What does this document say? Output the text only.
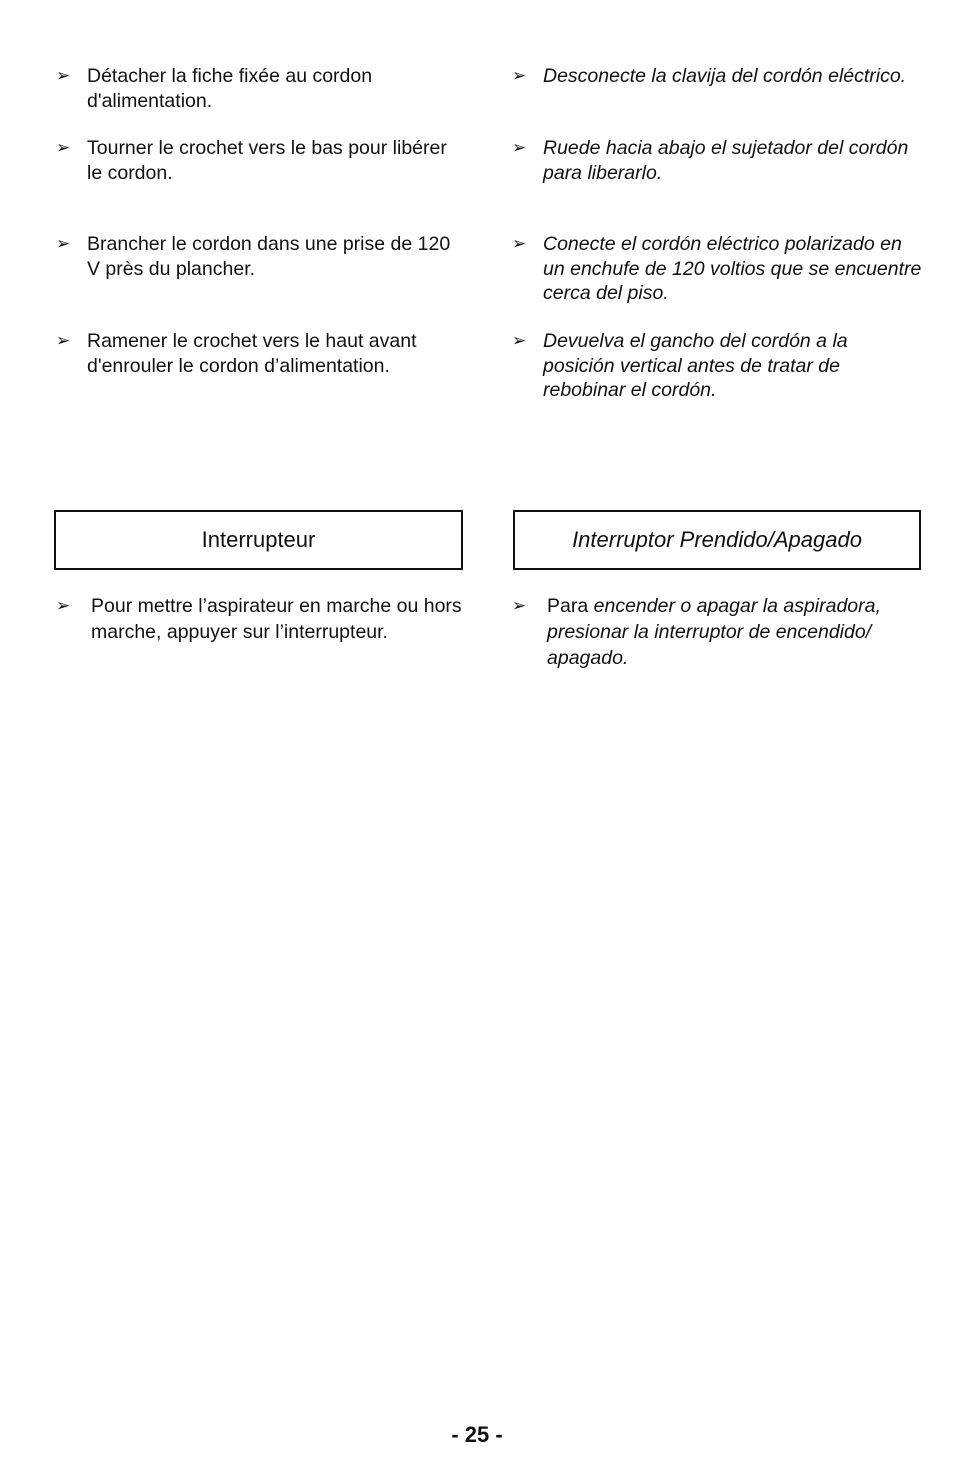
➢ Détacher la fiche fixée au cordon d'alimentation.
➢ Tourner le crochet vers le bas pour libérer le cordon.
➢ Brancher le cordon dans une prise de 120 V près du plancher.
➢ Ramener le crochet vers le haut avant d'enrouler le cordon d’alimentation.
➢ Pour mettre l’aspirateur en marche ou hors marche, appuyer sur l’interrupteur.
Interrupteur
➢ Desconecte la clavija del cordón eléctrico.
➢ Ruede hacia abajo el sujetador del cordón para liberarlo.
➢ Conecte el cordón eléctrico polarizado en un enchufe de 120 voltios que se encuentre cerca del piso.
➢ Devuelva el gancho del cordón a la posición vertical antes de tratar de rebobinar el cordón.
➢ Para encender o apagar la aspiradora, presionar la interruptor de encendido/ apagado.
Interruptor Prendido/Apagado
- 25 -
